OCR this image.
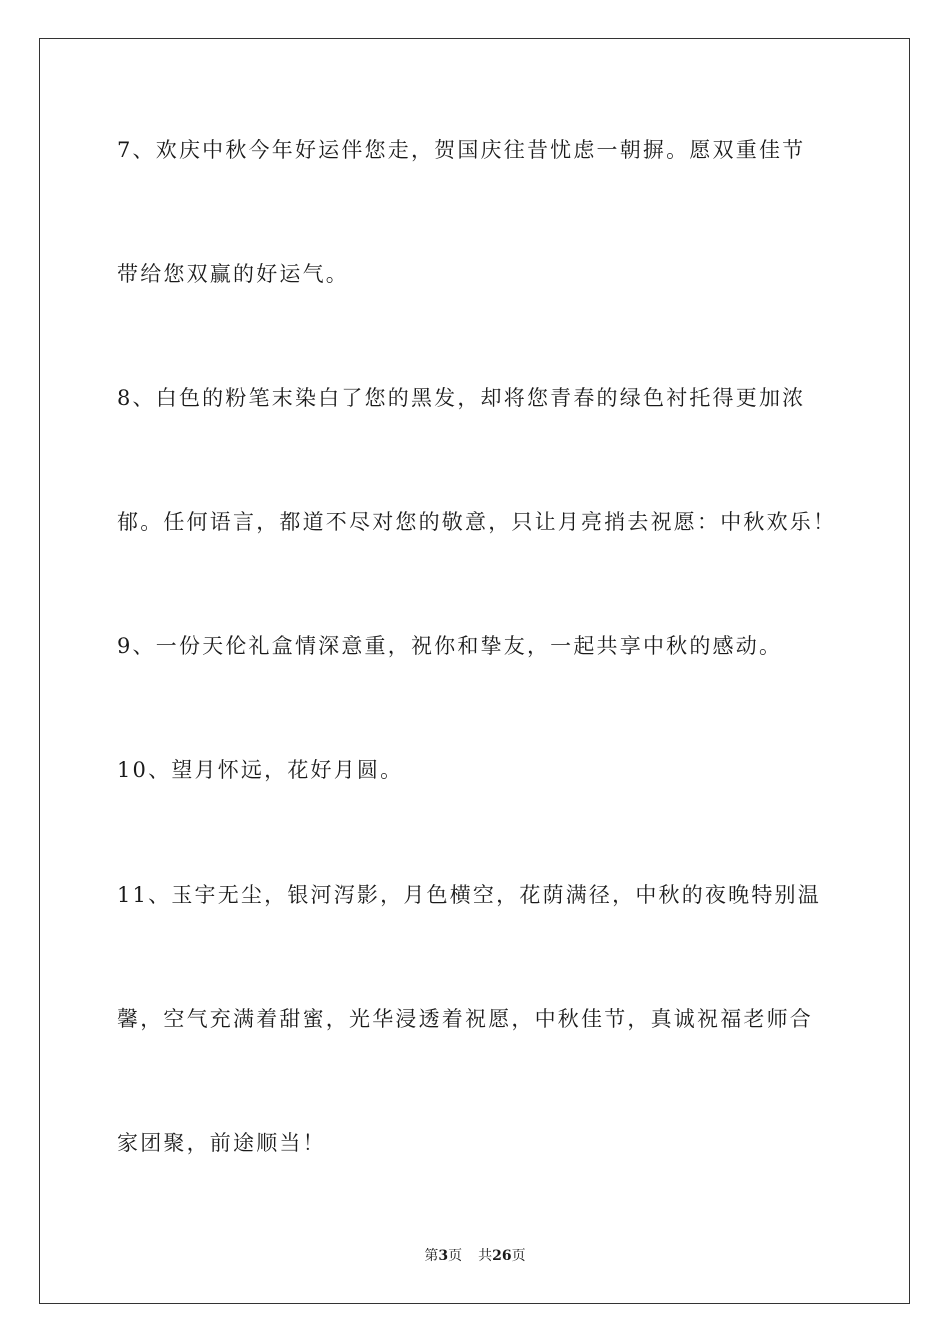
7、欢庆中秋今年好运伴您走，贺国庆往昔忧虑一朝摒。愿双重佳节
带给您双赢的好运气。
8、白色的粉笔末染白了您的黑发，却将您青春的绿色衬托得更加浓
郁。任何语言，都道不尽对您的敬意，只让月亮捎去祝愿：中秋欢乐！
9、一份天伦礼盒情深意重，祝你和挚友，一起共享中秋的感动。
10、望月怀远，花好月圆。
11、玉宇无尘，银河泻影，月色横空，花荫满径，中秋的夜晚特别温
馨，空气充满着甜蜜，光华浸透着祝愿，中秋佳节，真诚祝福老师合
家团聚，前途顺当！
第3页 共26页
